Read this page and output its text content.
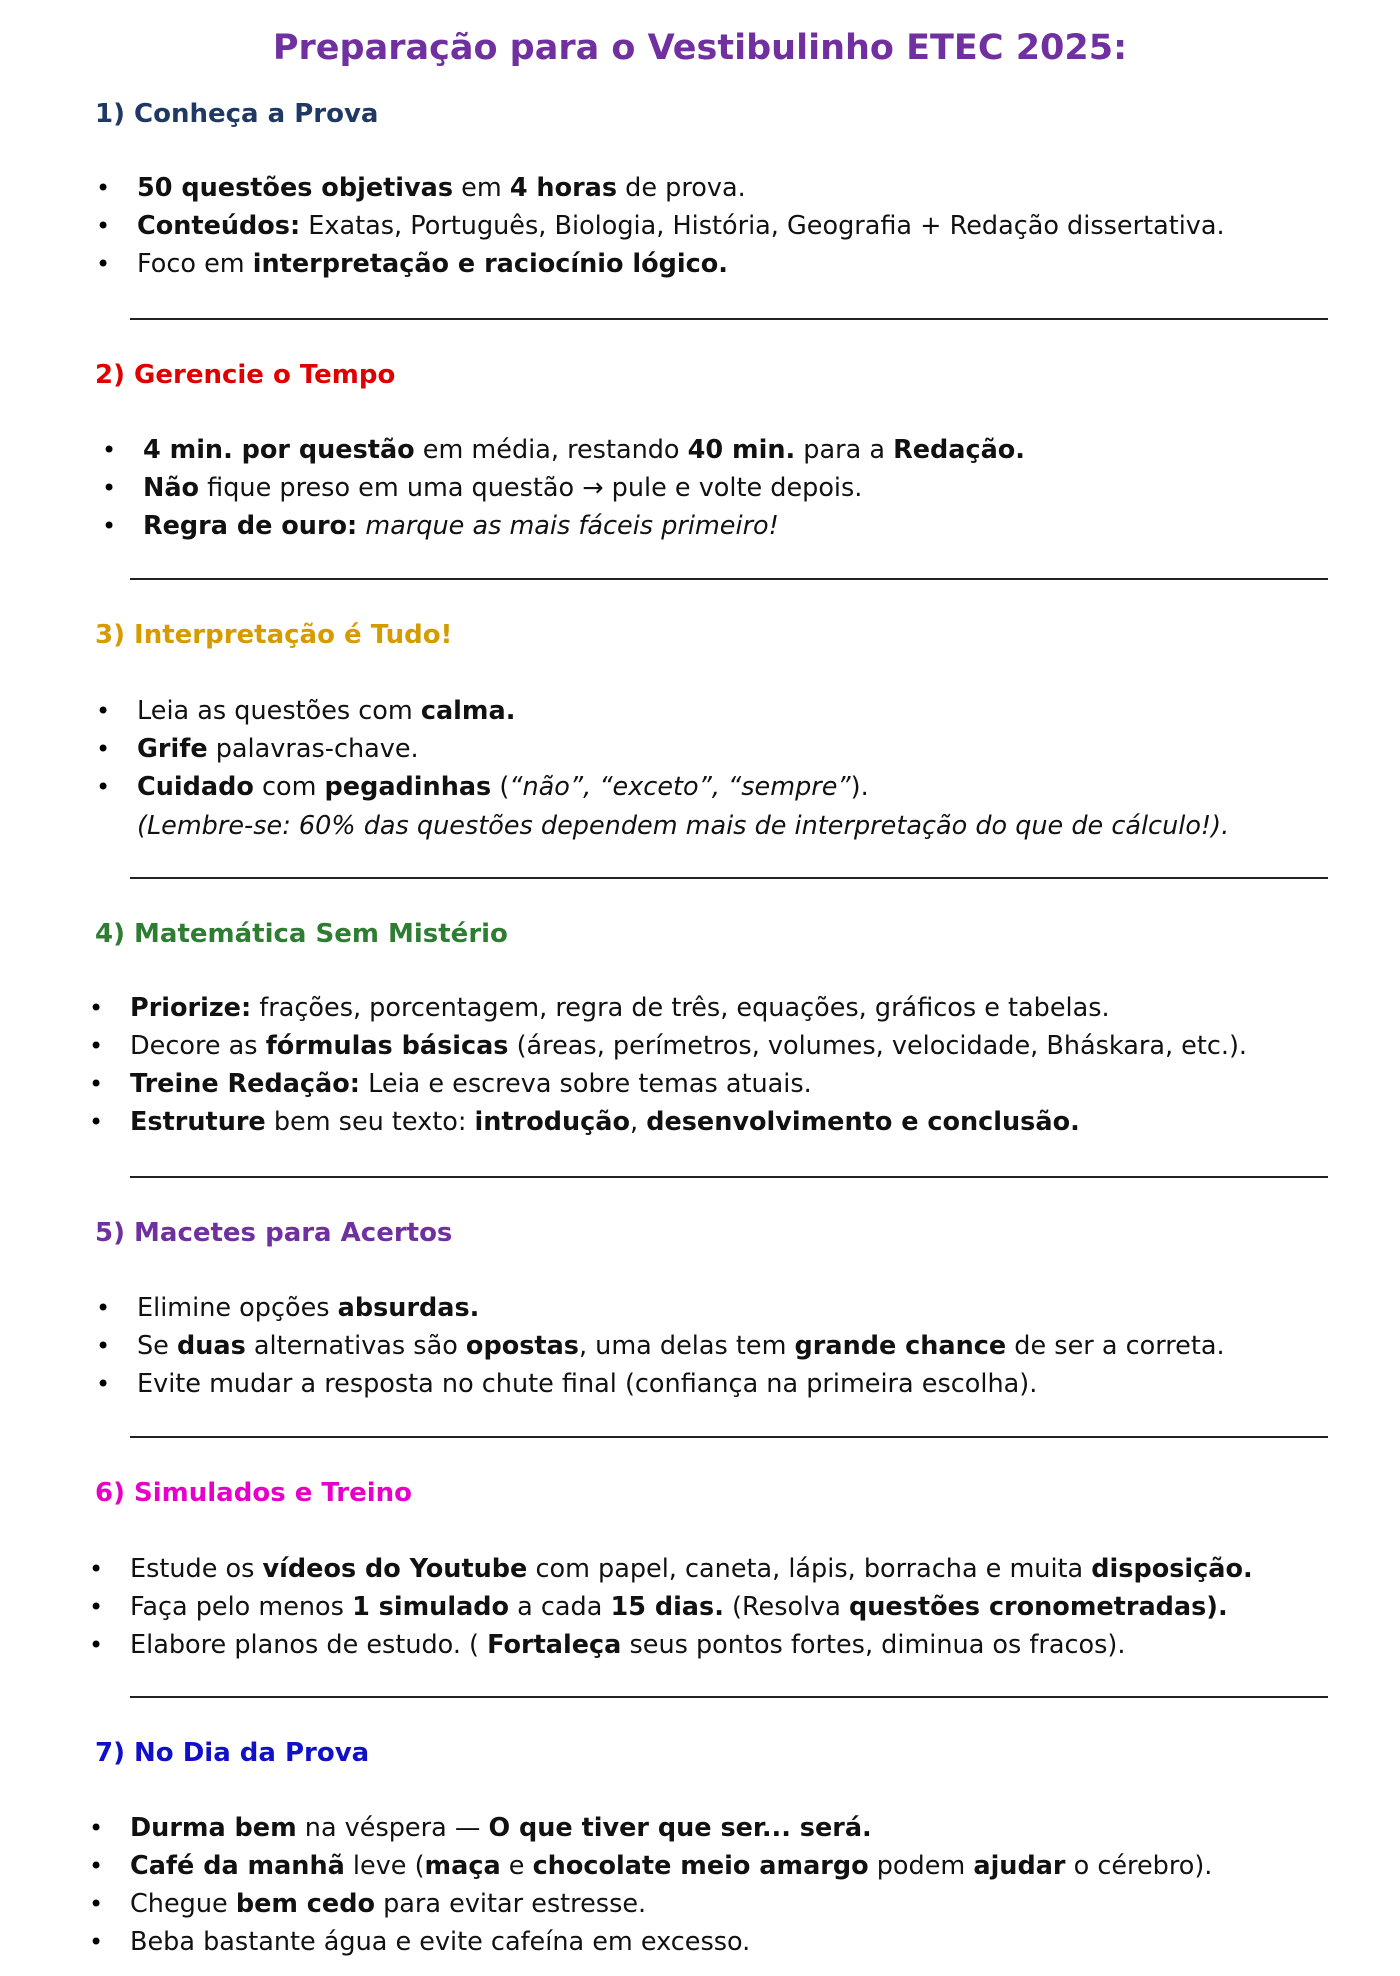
Preparação para o Vestibulinho ETEC 2025:
1) Conheça a Prova
• 50 questões objetivas em 4 horas de prova.
• Conteúdos: Exatas, Português, Biologia, História, Geografia + Redação dissertativa.
• Foco em interpretação e raciocínio lógico.
2) Gerencie o Tempo
• 4 min. por questão em média, restando 40 min. para a Redação.
• Não fique preso em uma questão → pule e volte depois.
• Regra de ouro: marque as mais fáceis primeiro!
3) Interpretação é Tudo!
• Leia as questões com calma.
• Grife palavras-chave.
• Cuidado com pegadinhas (“não”, “exceto”, “sempre”).
(Lembre-se: 60% das questões dependem mais de interpretação do que de cálculo!).
4) Matemática Sem Mistério
• Priorize: frações, porcentagem, regra de três, equações, gráficos e tabelas.
• Decore as fórmulas básicas (áreas, perímetros, volumes, velocidade, Bháskara, etc.).
• Treine Redação: Leia e escreva sobre temas atuais.
• Estruture bem seu texto: introdução, desenvolvimento e conclusão.
5) Macetes para Acertos
• Elimine opções absurdas.
• Se duas alternativas são opostas, uma delas tem grande chance de ser a correta.
• Evite mudar a resposta no chute final (confiança na primeira escolha).
6) Simulados e Treino
• Estude os vídeos do Youtube com papel, caneta, lápis, borracha e muita disposição.
• Faça pelo menos 1 simulado a cada 15 dias. (Resolva questões cronometradas).
• Elabore planos de estudo. ( Fortaleça seus pontos fortes, diminua os fracos).
7) No Dia da Prova
• Durma bem na véspera — O que tiver que ser... será.
• Café da manhã leve (maça e chocolate meio amargo podem ajudar o cérebro).
• Chegue bem cedo para evitar estresse.
• Beba bastante água e evite cafeína em excesso.
